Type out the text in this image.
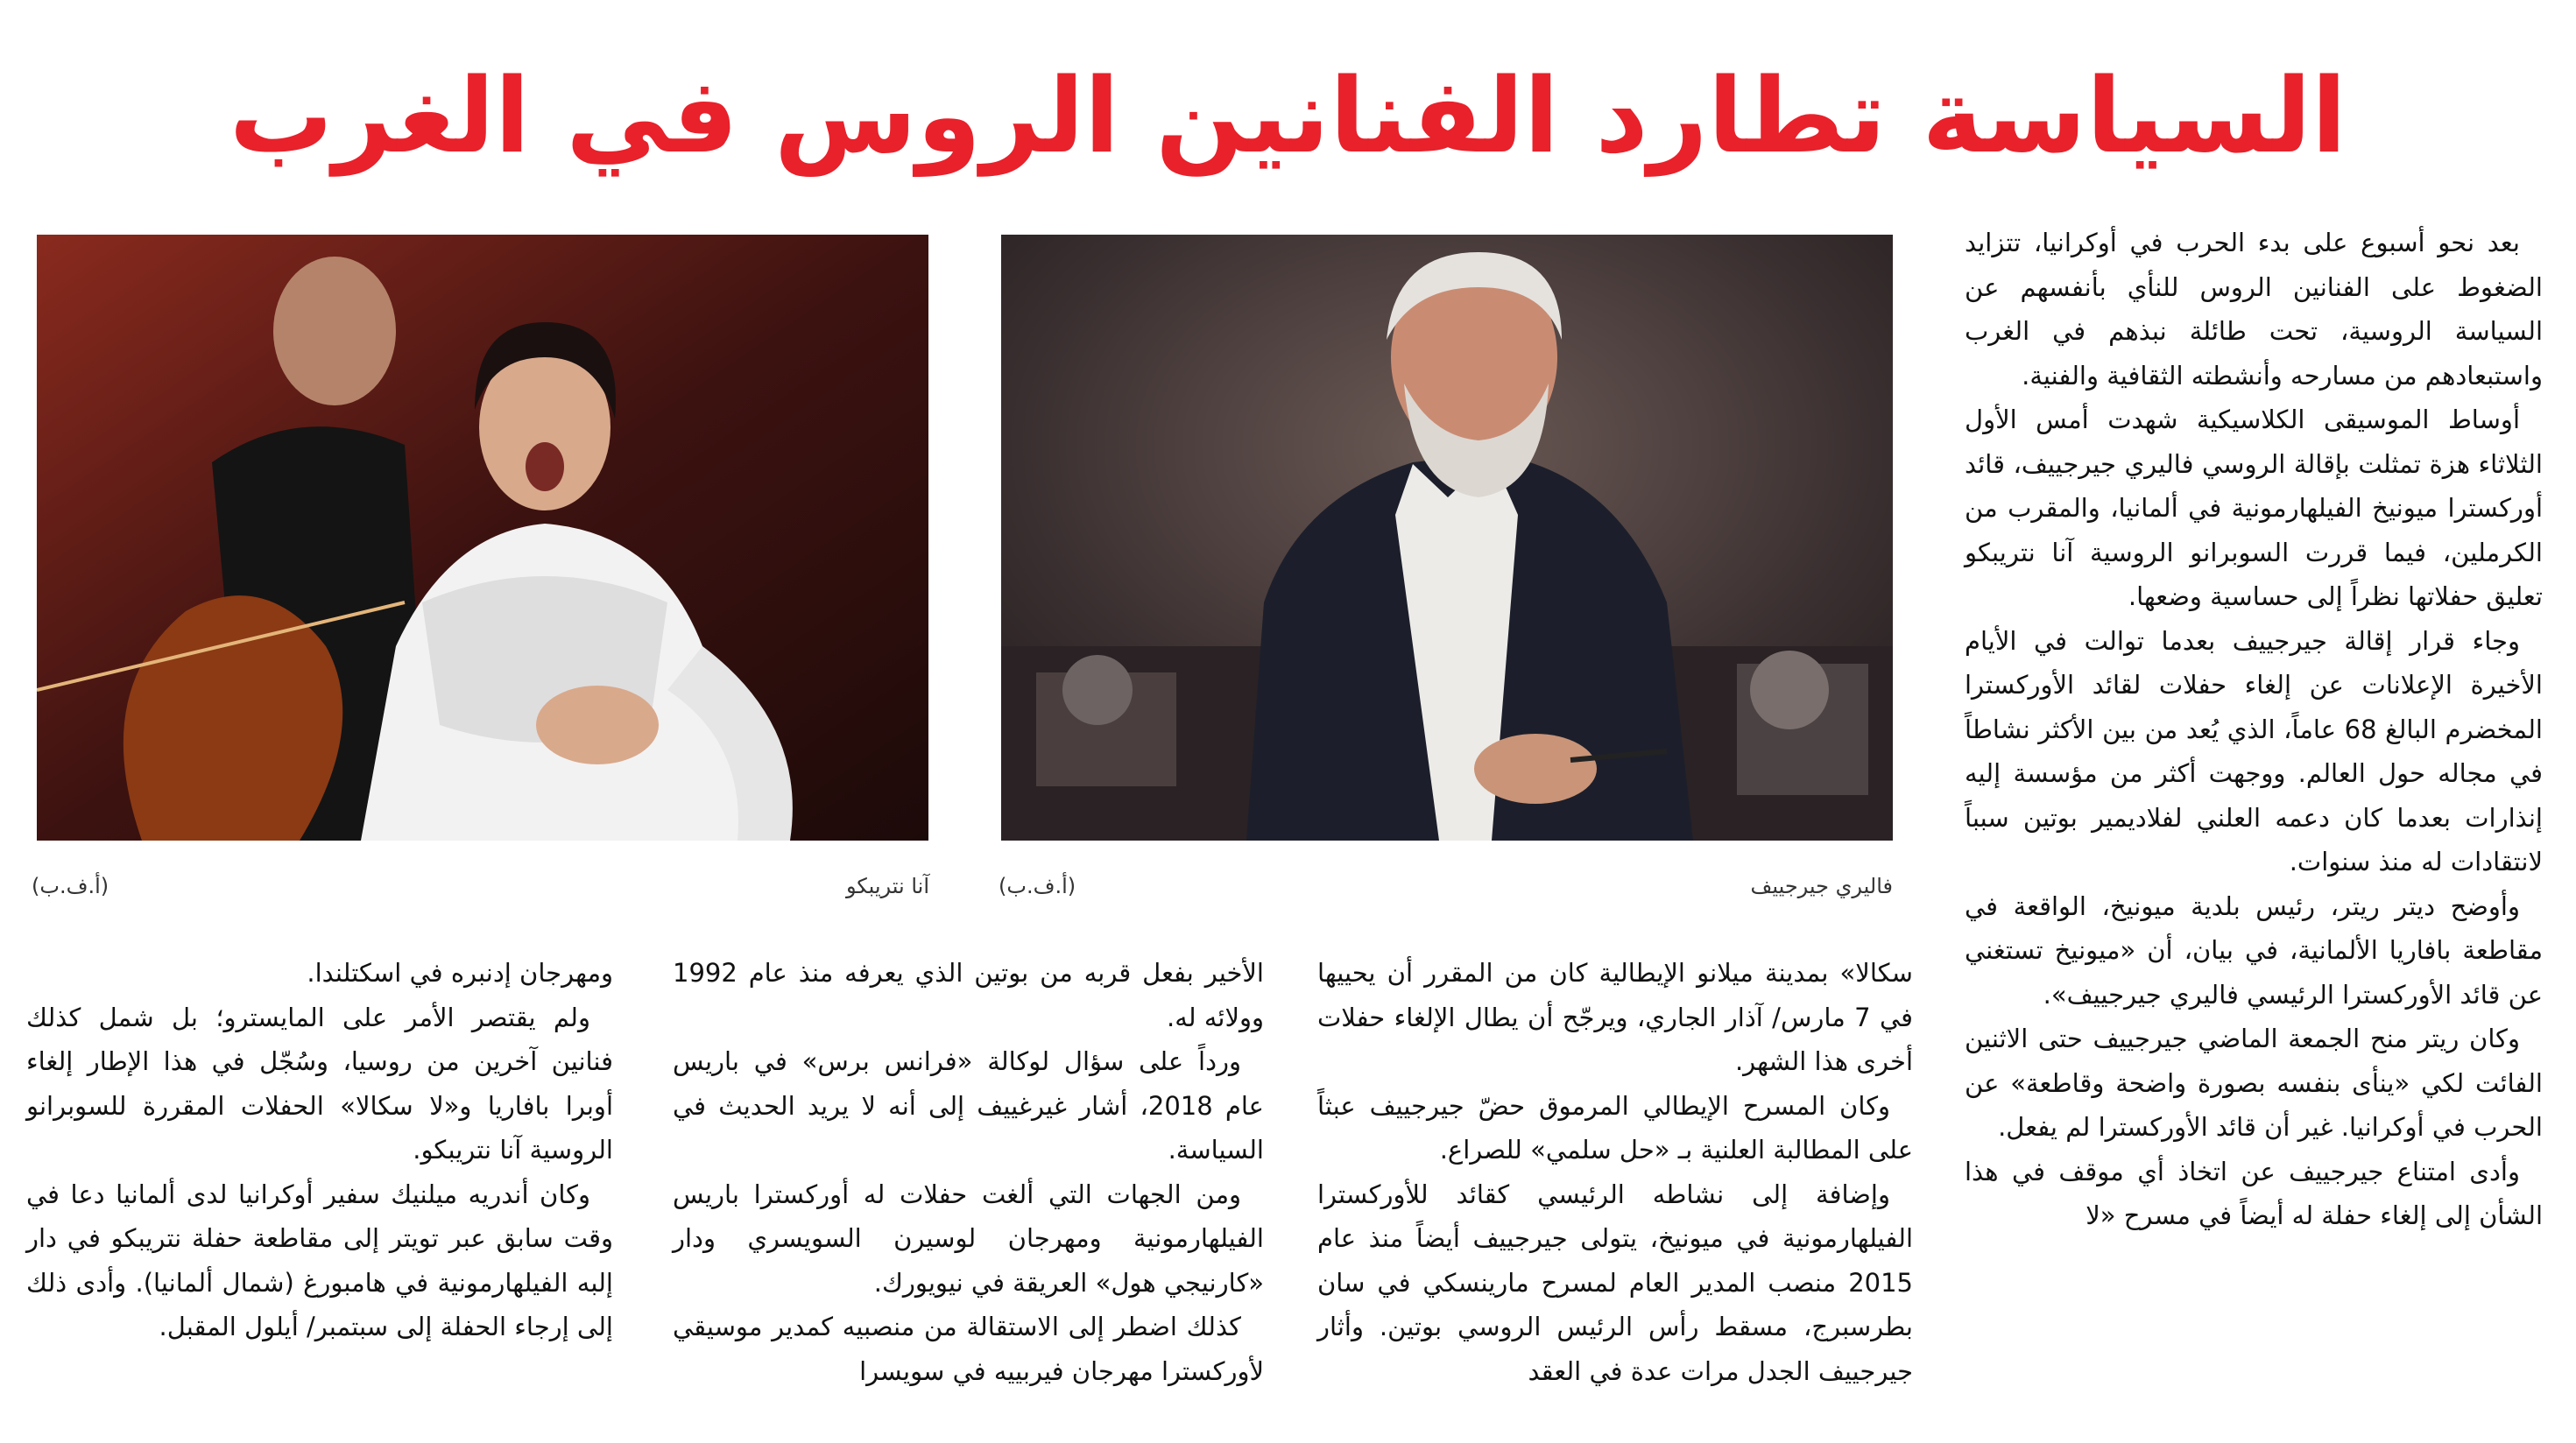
السياسة تطارد الفنانين الروس في الغرب
فاليري جيرجييف
(أ.ف.ب)
آنا نتريبكو
(أ.ف.ب)

بعد نحو أسبوع على بدء الحرب في أوكرانيا، تتزايد الضغوط على الفنانين الروس للنأي بأنفسهم عن السياسة الروسية، تحت طائلة نبذهم في الغرب واستبعادهم من مسارحه وأنشطته الثقافية والفنية.

أوساط الموسيقى الكلاسيكية شهدت أمس الأول الثلاثاء هزة تمثلت بإقالة الروسي فاليري جيرجييف، قائد أوركسترا ميونيخ الفيلهارمونية في ألمانيا، والمقرب من الكرملين، فيما قررت السوبرانو الروسية آنا نتريبكو تعليق حفلاتها نظراً إلى حساسية وضعها.

وجاء قرار إقالة جيرجييف بعدما توالت في الأيام الأخيرة الإعلانات عن إلغاء حفلات لقائد الأوركسترا المخضرم البالغ 68 عاماً، الذي يُعد من بين الأكثر نشاطاً في مجاله حول العالم. ووجهت أكثر من مؤسسة إليه إنذارات بعدما كان دعمه العلني لفلاديمير بوتين سبباً لانتقادات له منذ سنوات.

وأوضح ديتر ريتر، رئيس بلدية ميونيخ، الواقعة في مقاطعة بافاريا الألمانية، في بيان، أن «ميونيخ تستغني عن قائد الأوركسترا الرئيسي فاليري جيرجييف».

وكان ريتر منح الجمعة الماضي جيرجييف حتى الاثنين الفائت لكي «ينأى بنفسه بصورة واضحة وقاطعة» عن الحرب في أوكرانيا. غير أن قائد الأوركسترا لم يفعل.

وأدى امتناع جيرجييف عن اتخاذ أي موقف في هذا الشأن إلى إلغاء حفلة له أيضاً في مسرح «لا

سكالا» بمدينة ميلانو الإيطالية كان من المقرر أن يحييها في 7 مارس/ آذار الجاري، ويرجّح أن يطال الإلغاء حفلات أخرى هذا الشهر.

وكان المسرح الإيطالي المرموق حضّ جيرجييف عبثاً على المطالبة العلنية بـ «حل سلمي» للصراع.

وإضافة إلى نشاطه الرئيسي كقائد للأوركسترا الفيلهارمونية في ميونيخ، يتولى جيرجييف أيضاً منذ عام 2015 منصب المدير العام لمسرح مارينسكي في سان بطرسبرج، مسقط رأس الرئيس الروسي بوتين. وأثار جيرجييف الجدل مرات عدة في العقد

الأخير بفعل قربه من بوتين الذي يعرفه منذ عام 1992 وولائه له.

ورداً على سؤال لوكالة «فرانس برس» في باريس عام 2018، أشار غيرغييف إلى أنه لا يريد الحديث في السياسة.

ومن الجهات التي ألغت حفلات له أوركسترا باريس الفيلهارمونية ومهرجان لوسيرن السويسري ودار «كارنيجي هول» العريقة في نيويورك.

كذلك اضطر إلى الاستقالة من منصبيه كمدير موسيقي لأوركسترا مهرجان فيربييه في سويسرا

ومهرجان إدنبره في اسكتلندا.

ولم يقتصر الأمر على المايسترو؛ بل شمل كذلك فنانين آخرين من روسيا، وسُجّل في هذا الإطار إلغاء أوبرا بافاريا و«لا سكالا» الحفلات المقررة للسوبرانو الروسية آنا نتريبكو.

وكان أندريه ميلنيك سفير أوكرانيا لدى ألمانيا دعا في وقت سابق عبر تويتر إلى مقاطعة حفلة نتريبكو في دار إلبه الفيلهارمونية في هامبورغ (شمال ألمانيا). وأدى ذلك إلى إرجاء الحفلة إلى سبتمبر/ أيلول المقبل.
